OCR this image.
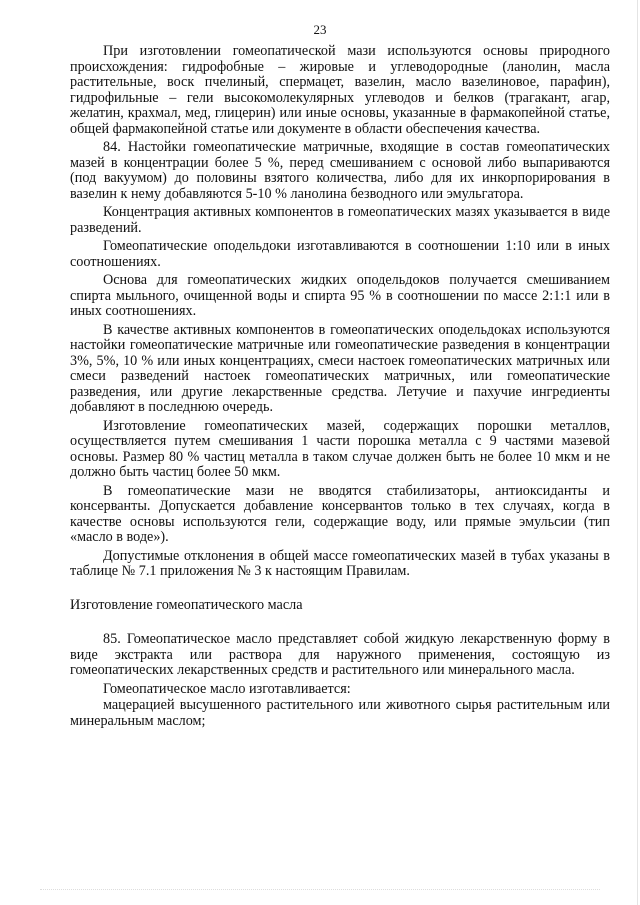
23

При изготовлении гомеопатической мази используются основы природного происхождения: гидрофобные – жировые и углеводородные (ланолин, масла растительные, воск пчелиный, спермацет, вазелин, масло вазелиновое, парафин), гидрофильные – гели высокомолекулярных углеводов и белков (трагакант, агар, желатин, крахмал, мед, глицерин) или иные основы, указанные в фармакопейной статье, общей фармакопейной статье или документе в области обеспечения качества.

84. Настойки гомеопатические матричные, входящие в состав гомеопатических мазей в концентрации более 5 %, перед смешиванием с основой либо выпариваются (под вакуумом) до половины взятого количества, либо для их инкорпорирования в вазелин к нему добавляются 5-10 % ланолина безводного или эмульгатора.

Концентрация активных компонентов в гомеопатических мазях указывается в виде разведений.

Гомеопатические оподельдоки изготавливаются в соотношении 1:10 или в иных соотношениях.

Основа для гомеопатических жидких оподельдоков получается смешиванием спирта мыльного, очищенной воды и спирта 95 % в соотношении по массе 2:1:1 или в иных соотношениях.

В качестве активных компонентов в гомеопатических оподельдоках используются настойки гомеопатические матричные или гомеопатические разведения в концентрации 3%, 5%, 10 % или иных концентрациях, смеси настоек гомеопатических матричных или смеси разведений настоек гомеопатических матричных, или гомеопатические разведения, или другие лекарственные средства. Летучие и пахучие ингредиенты добавляют в последнюю очередь.

Изготовление гомеопатических мазей, содержащих порошки металлов, осуществляется путем смешивания 1 части порошка металла с 9 частями мазевой основы. Размер 80 % частиц металла в таком случае должен быть не более 10 мкм и не должно быть частиц более 50 мкм.

В гомеопатические мази не вводятся стабилизаторы, антиоксиданты и консерванты. Допускается добавление консервантов только в тех случаях, когда в качестве основы используются гели, содержащие воду, или прямые эмульсии (тип «масло в воде»).

Допустимые отклонения в общей массе гомеопатических мазей в тубах указаны в таблице № 7.1 приложения № 3 к настоящим Правилам.

Изготовление гомеопатического масла

85. Гомеопатическое масло представляет собой жидкую лекарственную форму в виде экстракта или раствора для наружного применения, состоящую из гомеопатических лекарственных средств и растительного или минерального масла.

Гомеопатическое масло изготавливается:

мацерацией высушенного растительного или животного сырья растительным или минеральным маслом;
